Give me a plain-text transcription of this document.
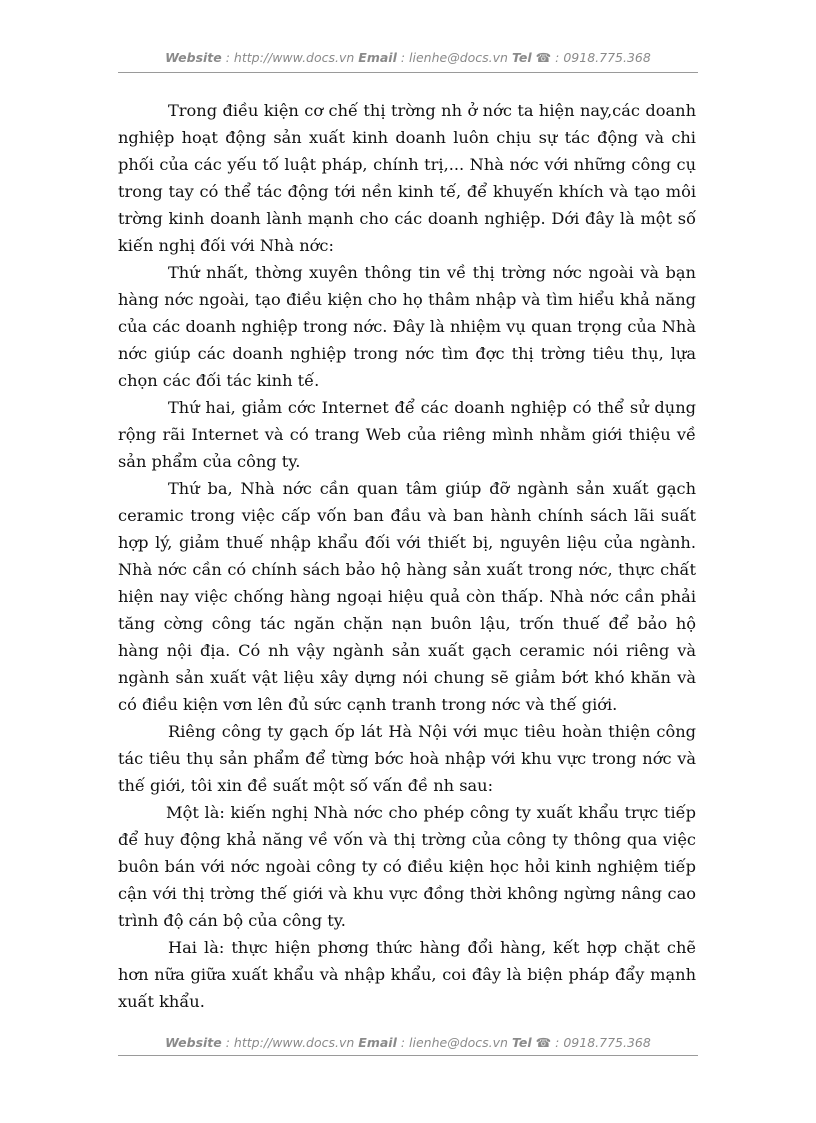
Website : http://www.docs.vn Email : lienhe@docs.vn Tel ☎ : 0918.775.368

Trong điều kiện cơ chế thị trờng nh ở nớc ta hiện nay,các doanh nghiệp hoạt động sản xuất kinh doanh luôn chịu sự tác động và chi phối của các yếu tố luật pháp, chính trị,... Nhà nớc với những công cụ trong tay có thể tác động tới nền kinh tế, để khuyến khích và tạo môi trờng kinh doanh lành mạnh cho các doanh nghiệp. Dới đây là một số kiến nghị đối với Nhà nớc:

Thứ nhất, thờng xuyên thông tin về thị trờng nớc ngoài và bạn hàng nớc ngoài, tạo điều kiện cho họ thâm nhập và tìm hiểu khả năng của các doanh nghiệp trong nớc. Đây là nhiệm vụ quan trọng của Nhà nớc giúp các doanh nghiệp trong nớc tìm đợc thị trờng tiêu thụ, lựa chọn các đối tác kinh tế.

Thứ hai, giảm cớc Internet để các doanh nghiệp có thể sử dụng rộng rãi Internet và có trang Web của riêng mình nhằm giới thiệu về sản phẩm của công ty.

Thứ ba, Nhà nớc cần quan tâm giúp đỡ ngành sản xuất gạch ceramic trong việc cấp vốn ban đầu và ban hành chính sách lãi suất hợp lý, giảm thuế nhập khẩu đối với thiết bị, nguyên liệu của ngành. Nhà nớc cần có chính sách bảo hộ hàng sản xuất trong nớc, thực chất hiện nay việc chống hàng ngoại hiệu quả còn thấp. Nhà nớc cần phải tăng cờng công tác ngăn chặn nạn buôn lậu, trốn thuế để bảo hộ hàng nội địa. Có nh vậy ngành sản xuất gạch ceramic nói riêng và ngành sản xuất vật liệu xây dựng nói chung sẽ giảm bớt khó khăn và có điều kiện vơn lên đủ sức cạnh tranh trong nớc và thế giới.

Riêng công ty gạch ốp lát Hà Nội với mục tiêu hoàn thiện công tác tiêu thụ sản phẩm để từng bớc hoà nhập với khu vực trong nớc và thế giới, tôi xin đề suất một số vấn đề nh sau:

Một là: kiến nghị Nhà nớc cho phép công ty xuất khẩu trực tiếp để huy động khả năng về vốn và thị trờng của công ty thông qua việc buôn bán với nớc ngoài công ty có điều kiện học hỏi kinh nghiệm tiếp cận với thị trờng thế giới và khu vực đồng thời không ngừng nâng cao trình độ cán bộ của công ty.

Hai là: thực hiện phơng thức hàng đổi hàng, kết hợp chặt chẽ hơn nữa giữa xuất khẩu và nhập khẩu, coi đây là biện pháp đẩy mạnh xuất khẩu.

Website : http://www.docs.vn Email : lienhe@docs.vn Tel ☎ : 0918.775.368
